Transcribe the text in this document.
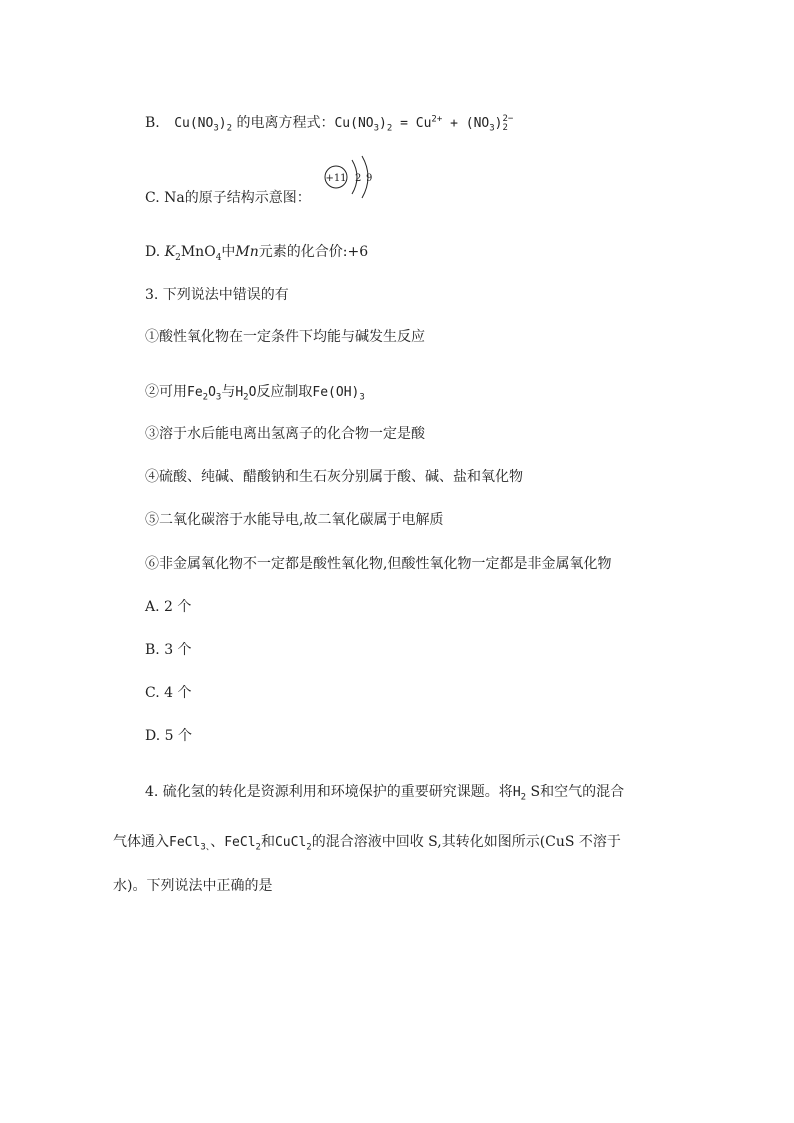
B. $Cu(NO_3)_2$ 的电离方程式：$Cu(NO_3)_2 = Cu^{2+} + (NO_3)$ 2−
2
C. Na的原子结构示意图：
+11 2 9
D. $K_2MnO_4$中Mn元素的化合价:+6
3. 下列说法中错误的有
①酸性氧化物在一定条件下均能与碱发生反应
②可用$Fe_2O_3$与$H_2O$反应制取$Fe(OH)_3$
③溶于水后能电离出氢离子的化合物一定是酸
④硫酸、纯碱、醋酸钠和生石灰分别属于酸、碱、盐和氧化物
⑤二氧化碳溶于水能导电,故二氧化碳属于电解质
⑥非金属氧化物不一定都是酸性氧化物,但酸性氧化物一定都是非金属氧化物
A. 2 个
B. 3 个
C. 4 个
D. 5 个
4. 硫化氢的转化是资源利用和环境保护的重要研究课题。将$H_2$ S和空气的混合
气体通入FeCl$_{3、}$、FeCl$_2$和CuCl$_2$的混合溶液中回收 S,其转化如图所示(CuS 不溶于
水)。下列说法中正确的是
